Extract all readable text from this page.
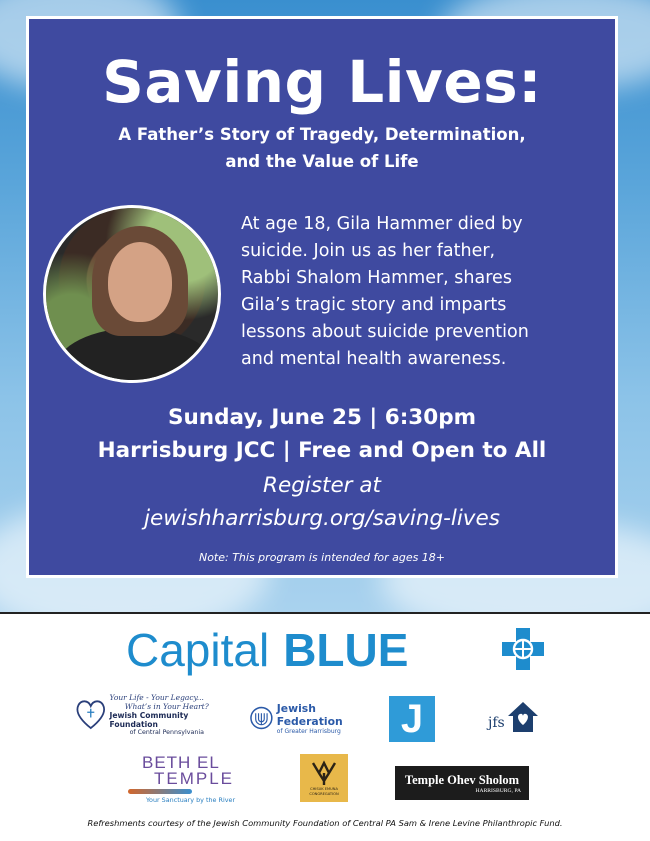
Saving Lives:
A Father’s Story of Tragedy, Determination,
and the Value of Life
At age 18, Gila Hammer died by
suicide. Join us as her father,
Rabbi Shalom Hammer, shares
Gila’s tragic story and imparts
lessons about suicide prevention
and mental health awareness.
Sunday, June 25 | 6:30pm
Harrisburg JCC | Free and Open to All
Register at
jewishharrisburg.org/saving-lives
Note: This program is intended for ages 18+
Capital BLUE
Your Life - Your Legacy...
What’s in Your Heart?
Jewish Community Foundation
of Central Pennsylvania
Jewish Federation
of Greater Harrisburg	J	jfs
BETH EL
TEMPLE
Your Sanctuary by the River
CHISUK EMUNA CONGREGATION
Temple Ohev Sholom
HARRISBURG, PA
Refreshments courtesy of the Jewish Community Foundation of Central PA Sam & Irene Levine Philanthropic Fund.
